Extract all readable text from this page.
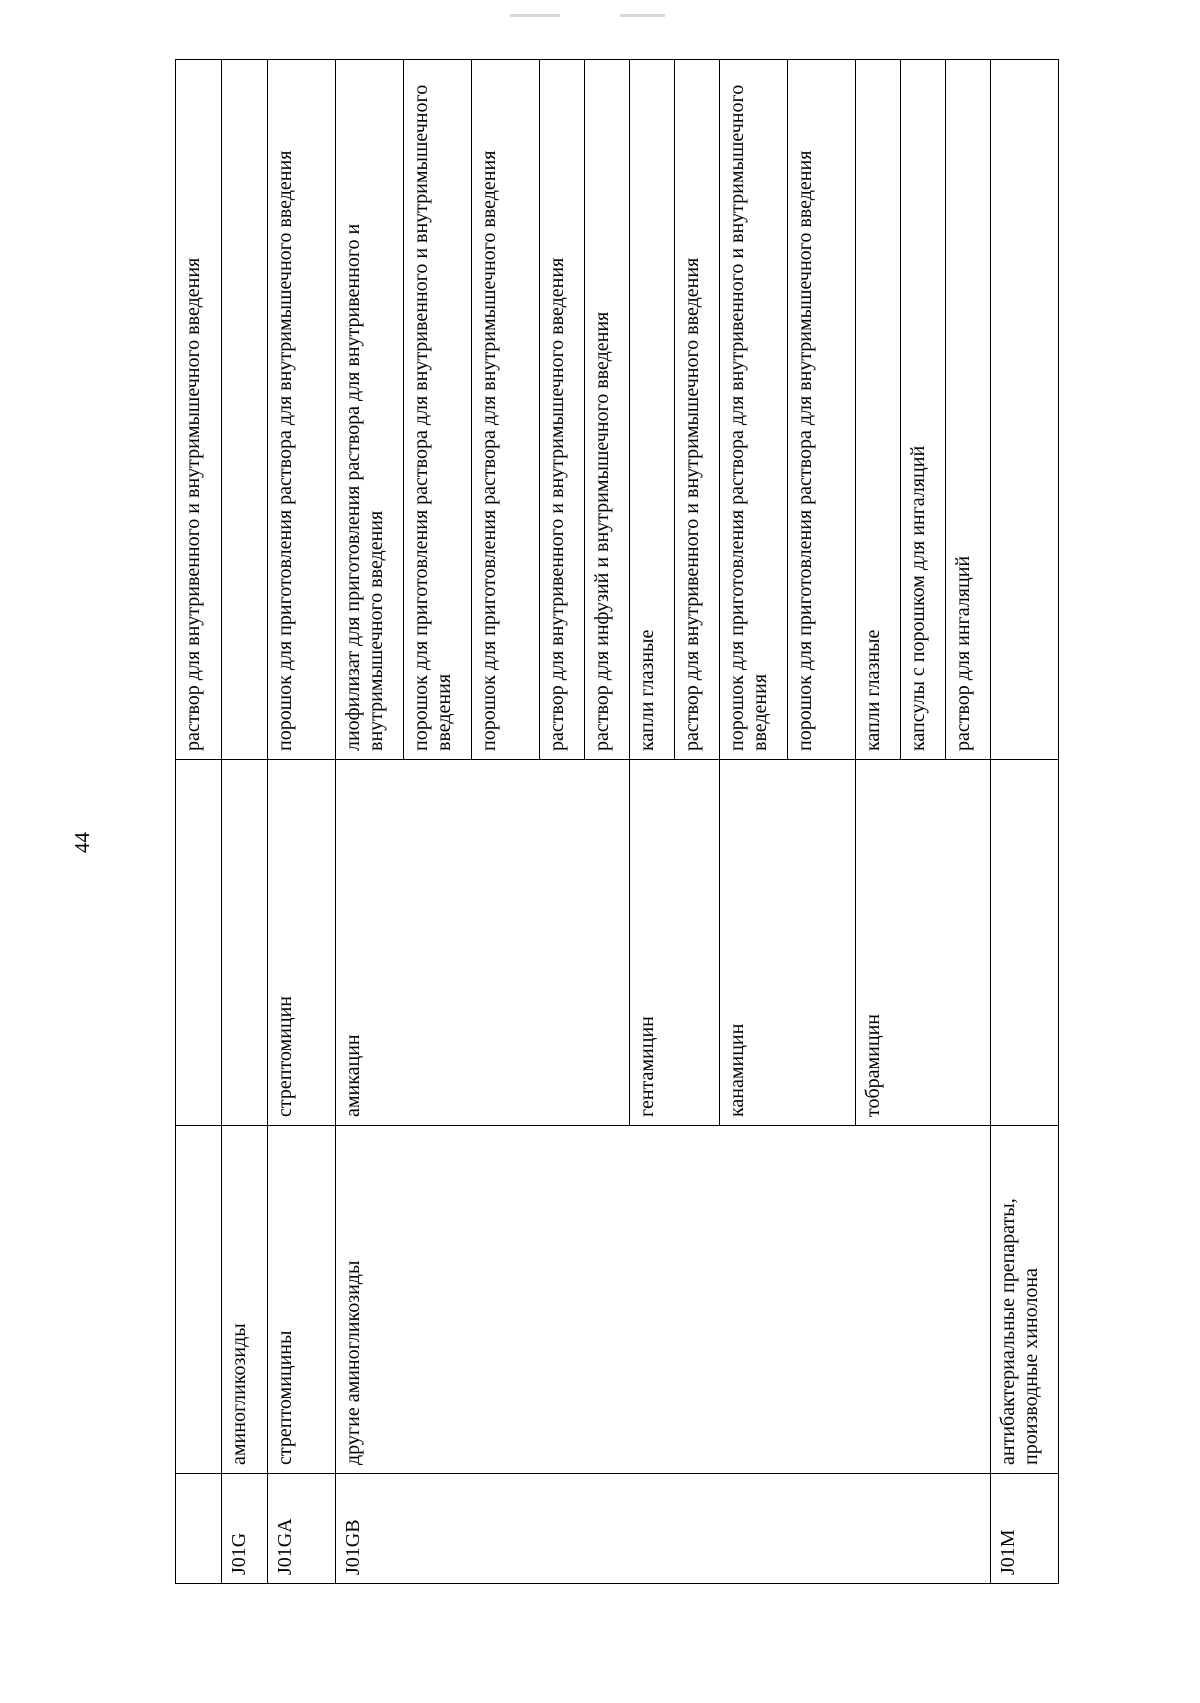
44
			раствор для внутривенного и внутримышечного введения
J01G	аминогликозиды		
J01GA	стрептомицины	стрептомицин	порошок для приготовления раствора для внутримышечного введения
J01GB	другие аминогликозиды	амикацин	лиофилизат для приготовления раствора для внутривенного и внутримышечного введения
			порошок для приготовления раствора для внутривенного и внутримышечного введения
			порошок для приготовления раствора для внутримышечного введения
			раствор для внутривенного и внутримышечного введения
			раствор для инфузий и внутримышечного введения
		гентамицин	капли глазные
			раствор для внутривенного и внутримышечного введения
		канамицин	порошок для приготовления раствора для внутривенного и внутримышечного введения
			порошок для приготовления раствора для внутримышечного введения
		тобрамицин	капли глазные
			капсулы с порошком для ингаляций
			раствор для ингаляций
J01M	антибактериальные препараты, производные хинолона		
